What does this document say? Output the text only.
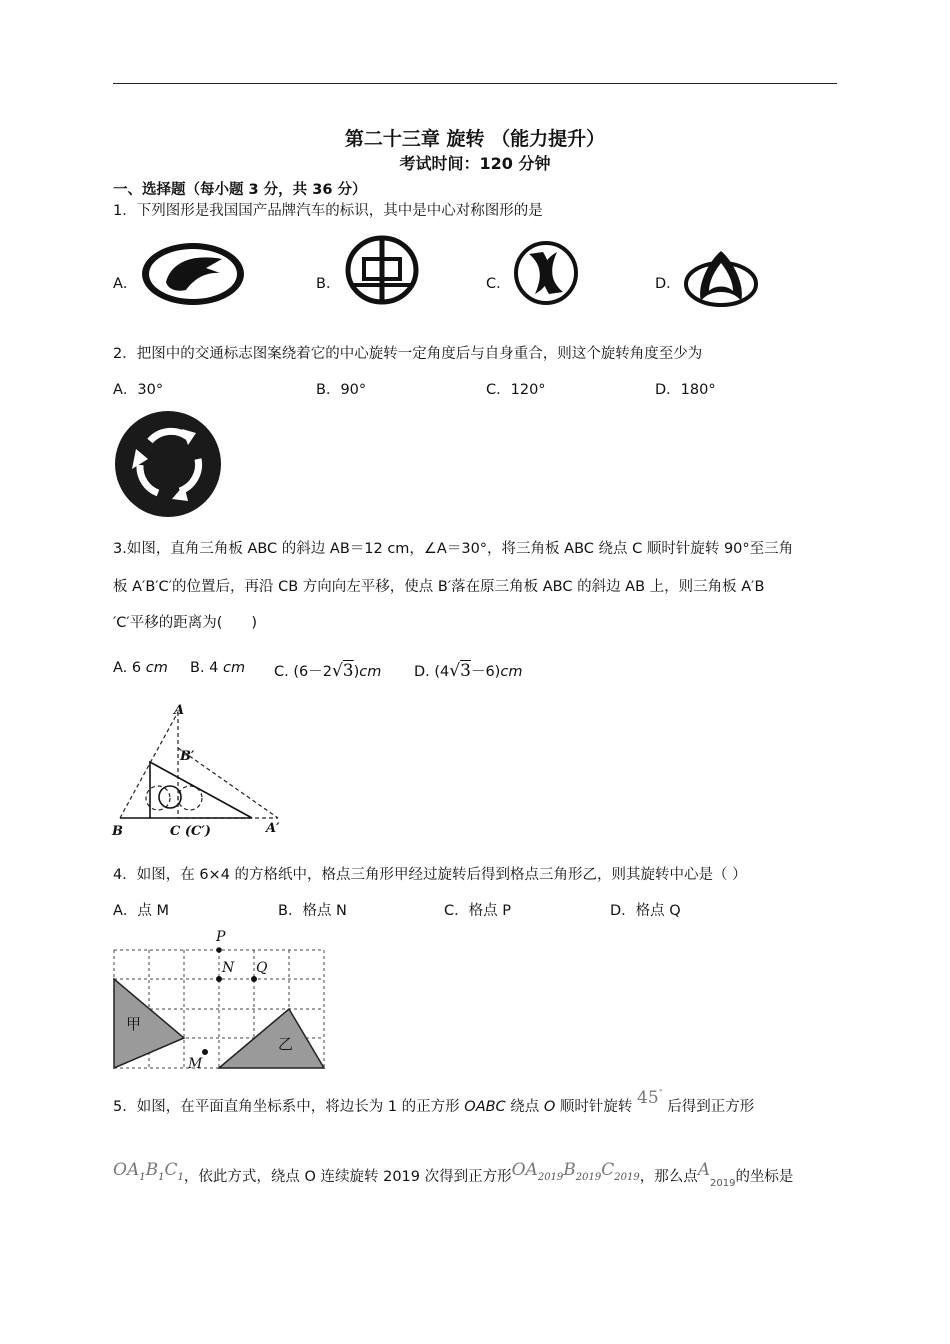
第二十三章 旋转 （能力提升）
考试时间：120 分钟
一、选择题（每小题 3 分，共 36 分）
1．下列图形是我国国产品牌汽车的标识，其中是中心对称图形的是
A．	B．	C．	D．
2．把图中的交通标志图案绕着它的中心旋转一定角度后与自身重合，则这个旋转角度至少为
A．30°	B．90°	C．120°	D．180°
3.如图，直角三角板 ABC 的斜边 AB＝12 cm，∠A＝30°，将三角板 ABC 绕点 C 顺时针旋转 90°至三角
板 A′B′C′的位置后，再沿 CB 方向向左平移，使点 B′落在原三角板 ABC 的斜边 AB 上，则三角板 A′B
′C′平移的距离为(　　)
A. 6 cm B. 4 cm C. (6－2√3)cm D. (4√3－6)cm
A
B′
B	C (C′)	A′
4．如图，在 6×4 的方格纸中，格点三角形甲经过旋转后得到格点三角形乙，则其旋转中心是（ ）
A．点 M	B．格点 N	C．格点 P	D．格点 Q
P
N Q
M
甲
乙
5．如图，在平面直角坐标系中，将边长为 1 的正方形 OABC 绕点 O 顺时针旋转 45° 后得到正方形
$OA_1B_1C_1$，依此方式，绕点 O 连续旋转 2019 次得到正方形$OA_{2019}B_{2019}C_{2019}$，那么点$A_{2019}$的坐标是
